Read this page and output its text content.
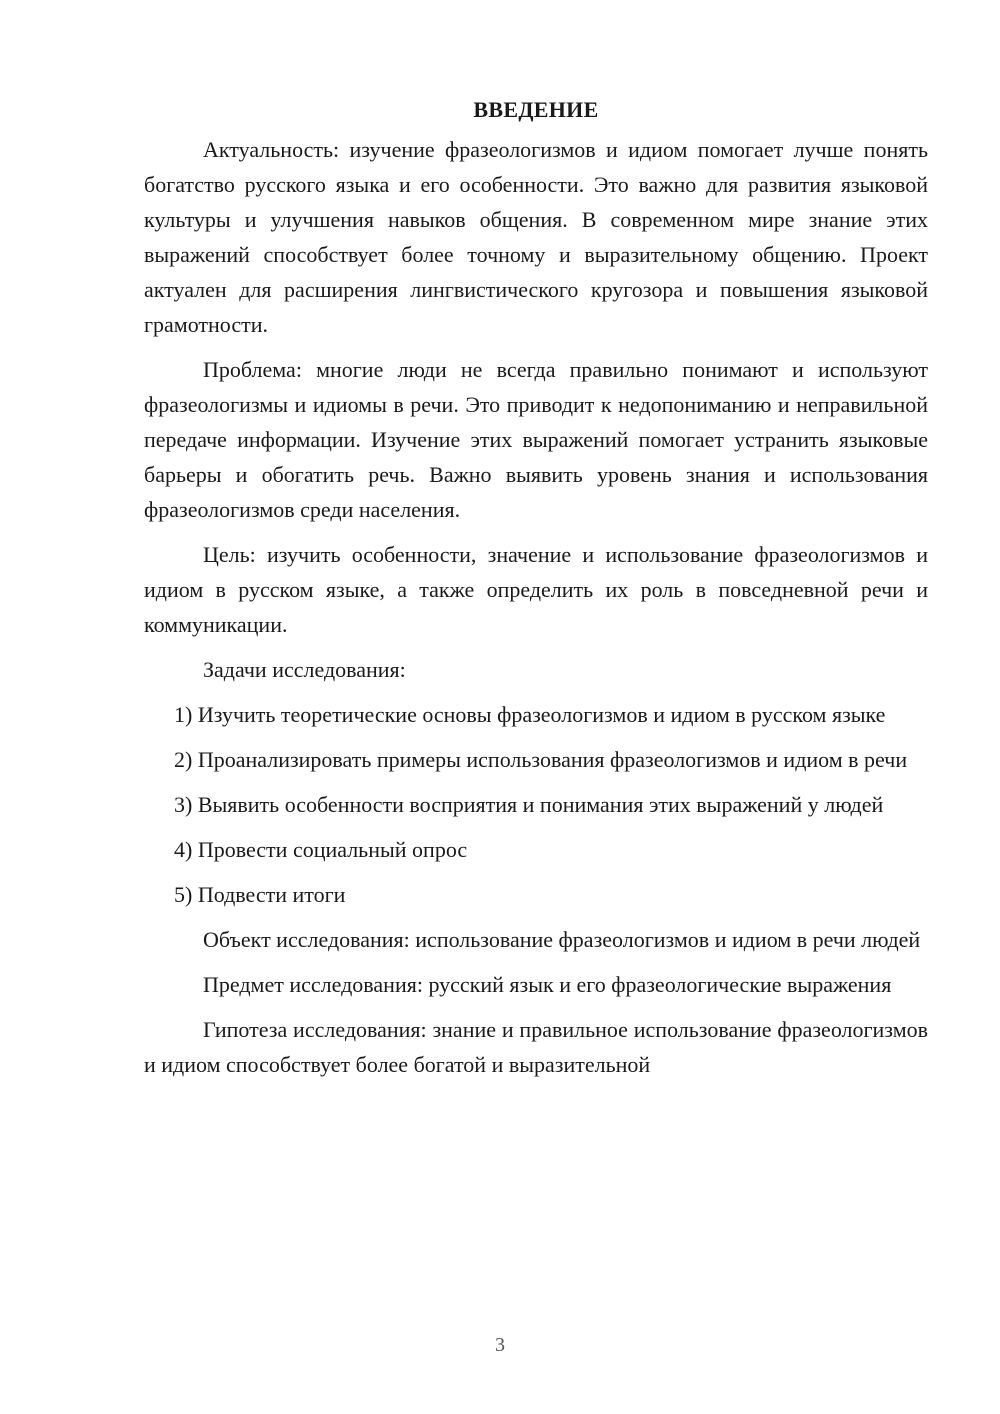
ВВЕДЕНИЕ

Актуальность: изучение фразеологизмов и идиом помогает лучше понять богатство русского языка и его особенности. Это важно для развития языковой культуры и улучшения навыков общения. В современном мире знание этих выражений способствует более точному и выразительному общению. Проект актуален для расширения лингвистического кругозора и повышения языковой грамотности.

Проблема: многие люди не всегда правильно понимают и используют фразеологизмы и идиомы в речи. Это приводит к недопониманию и неправильной передаче информации. Изучение этих выражений помогает устранить языковые барьеры и обогатить речь. Важно выявить уровень знания и использования фразеологизмов среди населения.

Цель: изучить особенности, значение и использование фразеологизмов и идиом в русском языке, а также определить их роль в повседневной речи и коммуникации.

Задачи исследования:

1) Изучить теоретические основы фразеологизмов и идиом в русском языке

2) Проанализировать примеры использования фразеологизмов и идиом в речи

3) Выявить особенности восприятия и понимания этих выражений у людей

4) Провести социальный опрос

5) Подвести итоги

Объект исследования: использование фразеологизмов и идиом в речи людей

Предмет исследования: русский язык и его фразеологические выражения

Гипотеза исследования: знание и правильное использование фразеологизмов и идиом способствует более богатой и выразительной

3
